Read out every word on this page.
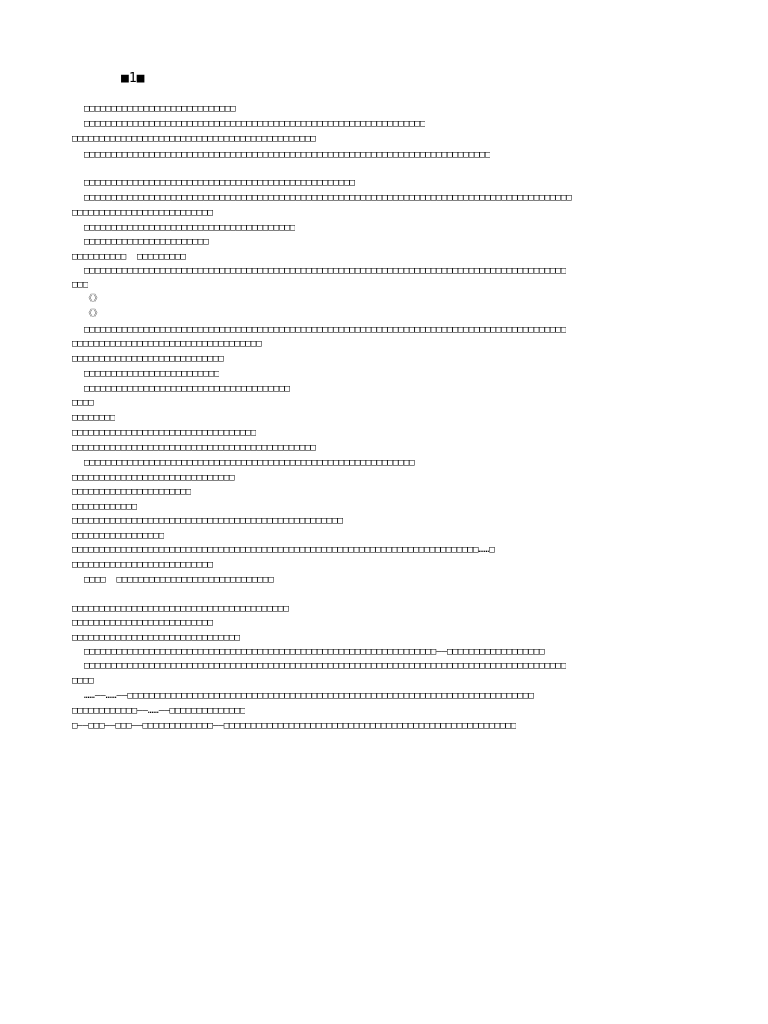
■1■
□□□□□□□□□□□□□□□□□□□□□□□□□□□□
□□□□□□□□□□□□□□□□□□□□□□□□□□□□□□□□□□□□□□□□□□□□□□□□□□□□□□□□□□□□□□□
□□□□□□□□□□□□□□□□□□□□□□□□□□□□□□□□□□□□□□□□□□□□□
□□□□□□□□□□□□□□□□□□□□□□□□□□□□□□□□□□□□□□□□□□□□□□□□□□□□□□□□□□□□□□□□□□□□□□□□□□□
□□□□□□□□□□□□□□□□□□□□□□□□□□□□□□□□□□□□□□□□□□□□□□□□□□
□□□□□□□□□□□□□□□□□□□□□□□□□□□□□□□□□□□□□□□□□□□□□□□□□□□□□□□□□□□□□□□□□□□□□□□□□□□□□□□□□□□□□□□□□□
□□□□□□□□□□□□□□□□□□□□□□□□□□
□□□□□□□□□□□□□□□□□□□□□□□□□□□□□□□□□□□□□□□
□□□□□□□□□□□□□□□□□□□□□□□
□□□□□□□□□□  □□□□□□□□□
□□□□□□□□□□□□□□□□□□□□□□□□□□□□□□□□□□□□□□□□□□□□□□□□□□□□□□□□□□□□□□□□□□□□□□□□□□□□□□□□□□□□□□□□□
□□□
《》
《》
□□□□□□□□□□□□□□□□□□□□□□□□□□□□□□□□□□□□□□□□□□□□□□□□□□□□□□□□□□□□□□□□□□□□□□□□□□□□□□□□□□□□□□□□□
□□□□□□□□□□□□□□□□□□□□□□□□□□□□□□□□□□□
□□□□□□□□□□□□□□□□□□□□□□□□□□□□
□□□□□□□□□□□□□□□□□□□□□□□□□
□□□□□□□□□□□□□□□□□□□□□□□□□□□□□□□□□□□□□□
□□□□
□□□□□□□□
□□□□□□□□□□□□□□□□□□□□□□□□□□□□□□□□□□
□□□□□□□□□□□□□□□□□□□□□□□□□□□□□□□□□□□□□□□□□□□□□
□□□□□□□□□□□□□□□□□□□□□□□□□□□□□□□□□□□□□□□□□□□□□□□□□□□□□□□□□□□□□
□□□□□□□□□□□□□□□□□□□□□□□□□□□□□□
□□□□□□□□□□□□□□□□□□□□□□
□□□□□□□□□□□□
□□□□□□□□□□□□□□□□□□□□□□□□□□□□□□□□□□□□□□□□□□□□□□□□□□
□□□□□□□□□□□□□□□□□
□□□□□□□□□□□□□□□□□□□□□□□□□□□□□□□□□□□□□□□□□□□□□□□□□□□□□□□□□□□□□□□□□□□□□□□□□□□……□
□□□□□□□□□□□□□□□□□□□□□□□□□□
□□□□  □□□□□□□□□□□□□□□□□□□□□□□□□□□□□
□□□□□□□□□□□□□□□□□□□□□□□□□□□□□□□□□□□□□□□□
□□□□□□□□□□□□□□□□□□□□□□□□□□
□□□□□□□□□□□□□□□□□□□□□□□□□□□□□□□
□□□□□□□□□□□□□□□□□□□□□□□□□□□□□□□□□□□□□□□□□□□□□□□□□□□□□□□□□□□□□□□□□——□□□□□□□□□□□□□□□□□□
□□□□□□□□□□□□□□□□□□□□□□□□□□□□□□□□□□□□□□□□□□□□□□□□□□□□□□□□□□□□□□□□□□□□□□□□□□□□□□□□□□□□□□□□□
□□□□
……——……——□□□□□□□□□□□□□□□□□□□□□□□□□□□□□□□□□□□□□□□□□□□□□□□□□□□□□□□□□□□□□□□□□□□□□□□□□□□
□□□□□□□□□□□□——……——□□□□□□□□□□□□□□
□——□□□——□□□——□□□□□□□□□□□□□——□□□□□□□□□□□□□□□□□□□□□□□□□□□□□□□□□□□□□□□□□□□□□□□□□□□□□□
